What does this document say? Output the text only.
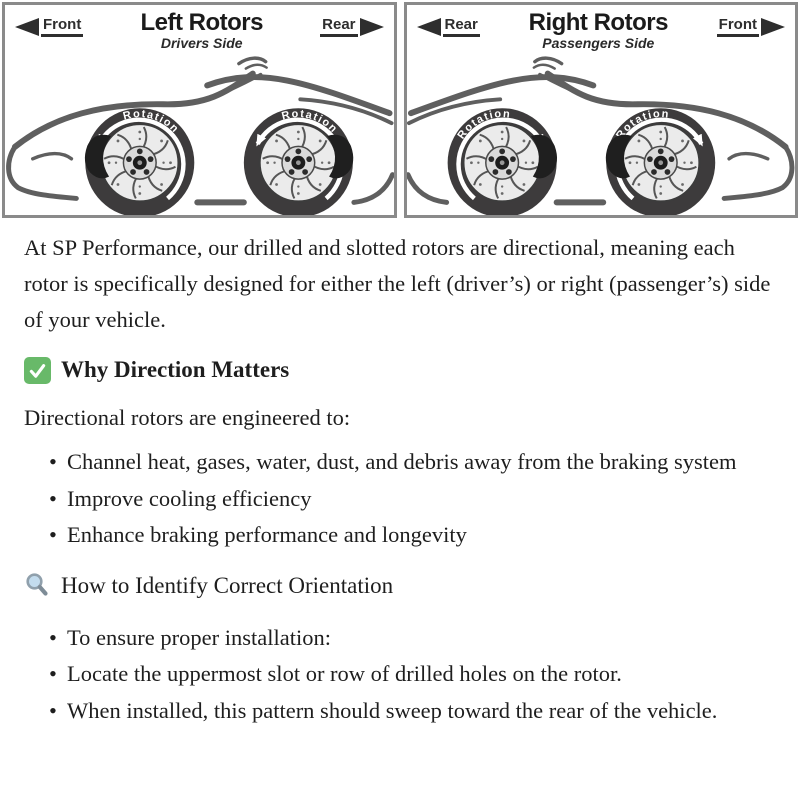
Front Left Rotors
Drivers Side
Rear	Rear Right Rotors
Passengers Side
Front

At SP Performance, our drilled and slotted rotors are directional, meaning each rotor is specifically designed for either the left (driver’s) or right (passenger’s) side of your vehicle.

Why Direction Matters

Directional rotors are engineered to:

• Channel heat, gases, water, dust, and debris away from the braking system
• Improve cooling efficiency
• Enhance braking performance and longevity
How to Identify Correct Orientation
• To ensure proper installation:
• Locate the uppermost slot or row of drilled holes on the rotor.
• When installed, this pattern should sweep toward the rear of the vehicle.
